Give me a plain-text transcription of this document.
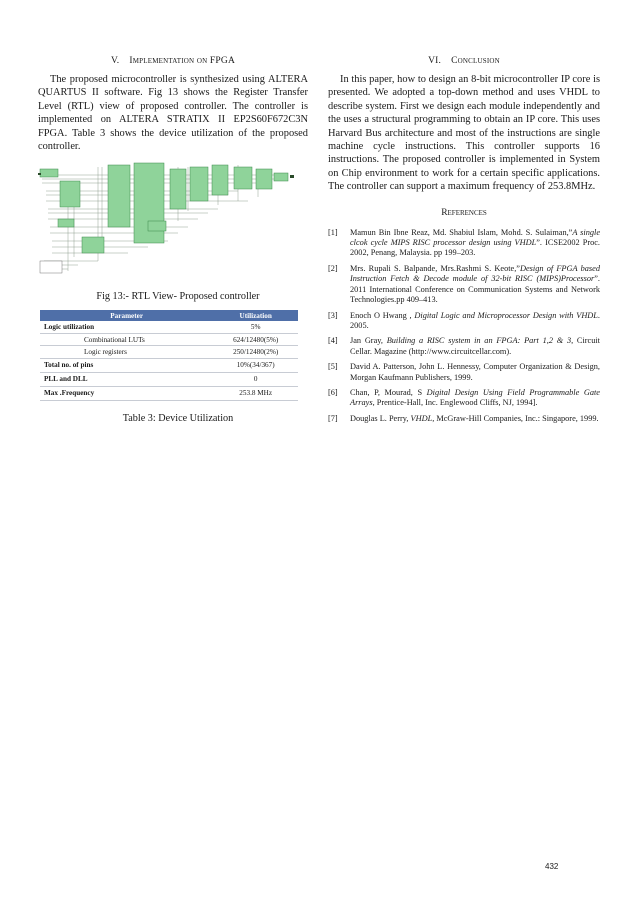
V. Implementation on FPGA

The proposed microcontroller is synthesized using ALTERA QUARTUS II software. Fig 13 shows the Register Transfer Level (RTL) view of proposed controller. The controller is implemented on ALTERA STRATIX II EP2S60F672C3N FPGA. Table 3 shows the device utilization of the proposed controller.

Fig 13:- RTL View- Proposed controller
Parameter	Utilization
Logic utilization	5%
Combinational LUTs	624/12480(5%)
Logic registers	250/12480(2%)
Total no. of pins	10%(34/367)
PLL and DLL	0
Max .Frequency	253.8 MHz
Table 3: Device Utilization
VI. Conclusion

In this paper, how to design an 8-bit microcontroller IP core is presented. We adopted a top-down method and uses VHDL to describe system. First we design each module independently and the uses a structural programming to obtain an IP core. This uses Harvard Bus architecture and most of the instructions are single machine cycle instructions. This controller supports 16 instructions. The proposed controller is implemented in System on Chip environment to work for a certain specific applications. The controller can support a maximum frequency of 253.8MHz.

References
[1]	Mamun Bin Ibne Reaz, Md. Shabiul Islam, Mohd. S. Sulaiman,”A single clcok cycle MIPS RISC processor design using VHDL”. ICSE2002 Proc. 2002, Penang, Malaysia. pp 199–203.
[2]	Mrs. Rupali S. Balpande, Mrs.Rashmi S. Keote,”Design of FPGA based Instruction Fetch & Decode module of 32-bit RISC (MIPS)Processor”. 2011 International Conference on Communication Systems and Network Technologies.pp 409–413.
[3]	Enoch O Hwang , Digital Logic and Microprocessor Design with VHDL. 2005.
[4]	Jan Gray, Building a RISC system in an FPGA: Part 1,2 & 3, Circuit Cellar. Magazine (http://www.circuitcellar.com).
[5]	David A. Patterson, John L. Hennessy, Computer Organization & Design, Morgan Kaufmann Publishers, 1999.
[6]	Chan, P, Mourad, S Digital Design Using Field Programmable Gate Arrays, Prentice-Hall, Inc. Englewood Cliffs, NJ, 1994].
[7]	Douglas L. Perry, VHDL, McGraw-Hill Companies, Inc.: Singapore, 1999.
432
